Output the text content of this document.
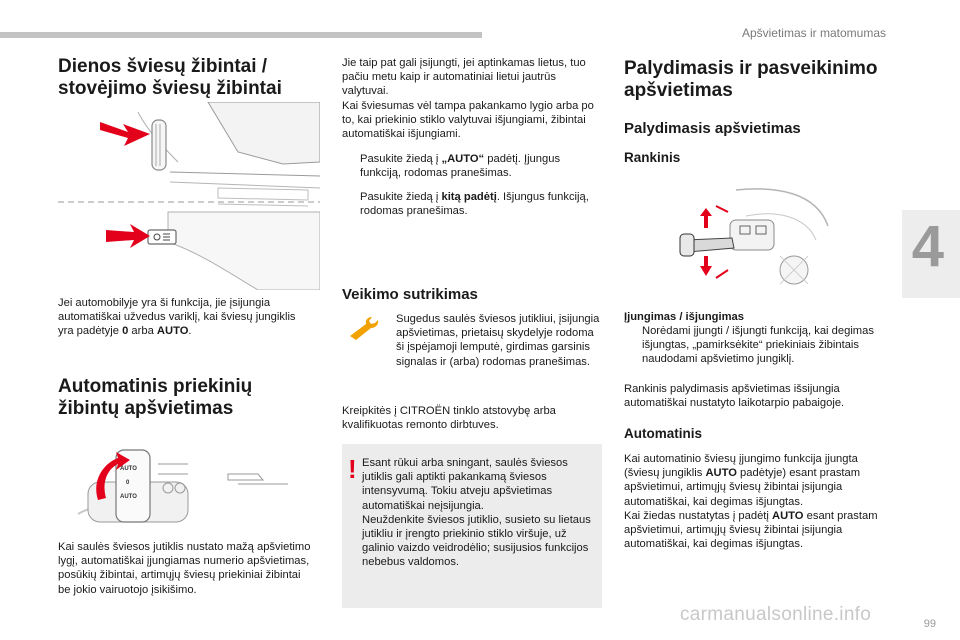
Apšvietimas ir matomumas
4
Dienos šviesų žibintai /
stovėjimo šviesų žibintai
Jei automobilyje yra ši funkcija, jie įsijungia automatiškai užvedus variklį, kai šviesų jungiklis yra padėtyje 0 arba AUTO.
Automatinis priekinių
žibintų apšvietimas
AUTO
0
AUTO
Kai saulės šviesos jutiklis nustato mažą apšvietimo lygį, automatiškai įjungiamas numerio apšvietimas, posūkių žibintai, artimųjų šviesų priekiniai žibintai be jokio vairuotojo įsikišimo.
Jie taip pat gali įsijungti, jei aptinkamas lietus, tuo pačiu metu kaip ir automatiniai lietui jautrūs valytuvai.
Kai šviesumas vėl tampa pakankamo lygio arba po to, kai priekinio stiklo valytuvai išjungiami, žibintai automatiškai išjungiami.
Pasukite žiedą į „AUTO“ padėtį. Įjungus funkciją, rodomas pranešimas.
Pasukite žiedą į kitą padėtį. Išjungus funkciją, rodomas pranešimas.
Veikimo sutrikimas
Sugedus saulės šviesos jutikliui, įsijungia apšvietimas, prietaisų skydelyje rodoma ši įspėjamoji lemputė, girdimas garsinis signalas ir (arba) rodomas pranešimas.
Kreipkitės į CITROËN tinklo atstovybę arba kvalifikuotas remonto dirbtuves.
! Esant rūkui arba sningant, saulės šviesos jutiklis gali aptikti pakankamą šviesos intensyvumą. Tokiu atveju apšvietimas automatiškai neįsijungia.
Neuždenkite šviesos jutiklio, susieto su lietaus jutikliu ir įrengto priekinio stiklo viršuje, už galinio vaizdo veidrodėlio; susijusios funkcijos nebebus valdomos.
Palydimasis ir pasveikinimo
apšvietimas
Palydimasis apšvietimas
Rankinis
Įjungimas / išjungimas
Norėdami įjungti / išjungti funkciją, kai degimas išjungtas, „pamirksėkite“ priekiniais žibintais naudodami apšvietimo jungiklį.
Rankinis palydimasis apšvietimas išsijungia automatiškai nustatyto laikotarpio pabaigoje.
Automatinis
Kai automatinio šviesų įjungimo funkcija įjungta (šviesų jungiklis AUTO padėtyje) esant prastam apšvietimui, artimųjų šviesų žibintai įsijungia automatiškai, kai degimas išjungtas.
Kai žiedas nustatytas į padėtį AUTO esant prastam apšvietimui, artimųjų šviesų žibintai įsijungia automatiškai, kai degimas išjungtas.
carmanualsonline.info	99
